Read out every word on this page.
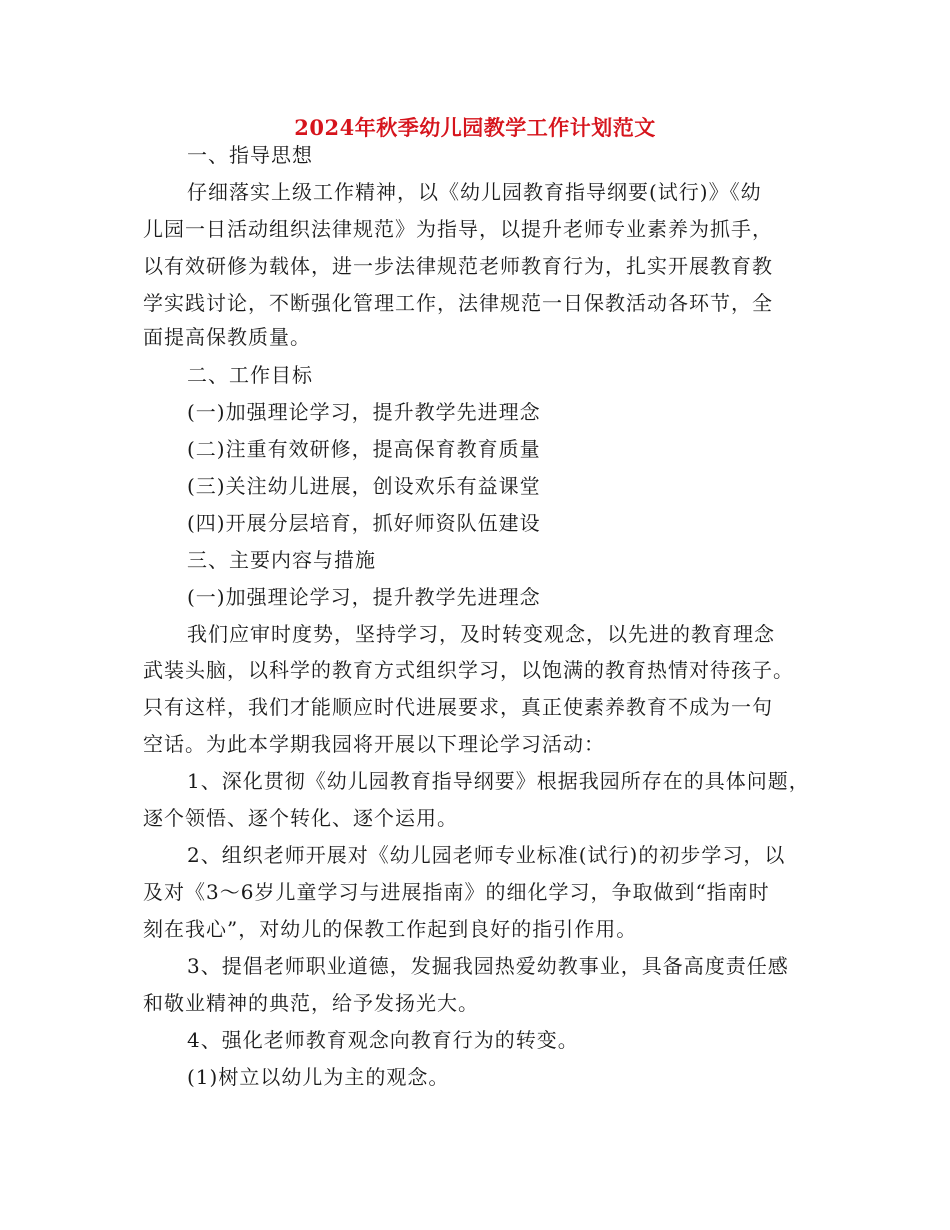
2024年秋季幼儿园教学工作计划范文
一、指导思想
仔细落实上级工作精神，以《幼儿园教育指导纲要(试行)》《幼
儿园一日活动组织法律规范》为指导，以提升老师专业素养为抓手，
以有效研修为载体，进一步法律规范老师教育行为，扎实开展教育教
学实践讨论，不断强化管理工作，法律规范一日保教活动各环节，全
面提高保教质量。
二、工作目标
(一)加强理论学习，提升教学先进理念
(二)注重有效研修，提高保育教育质量
(三)关注幼儿进展，创设欢乐有益课堂
(四)开展分层培育，抓好师资队伍建设
三、主要内容与措施
(一)加强理论学习，提升教学先进理念
我们应审时度势，坚持学习，及时转变观念，以先进的教育理念
武装头脑，以科学的教育方式组织学习，以饱满的教育热情对待孩子。
只有这样，我们才能顺应时代进展要求，真正使素养教育不成为一句
空话。为此本学期我园将开展以下理论学习活动：
1、深化贯彻《幼儿园教育指导纲要》根据我园所存在的具体问题，
逐个领悟、逐个转化、逐个运用。
2、组织老师开展对《幼儿园老师专业标准(试行)的初步学习，以
及对《3～6岁儿童学习与进展指南》的细化学习，争取做到“指南时
刻在我心”，对幼儿的保教工作起到良好的指引作用。
3、提倡老师职业道德，发掘我园热爱幼教事业，具备高度责任感
和敬业精神的典范，给予发扬光大。
4、强化老师教育观念向教育行为的转变。
(1)树立以幼儿为主的观念。
